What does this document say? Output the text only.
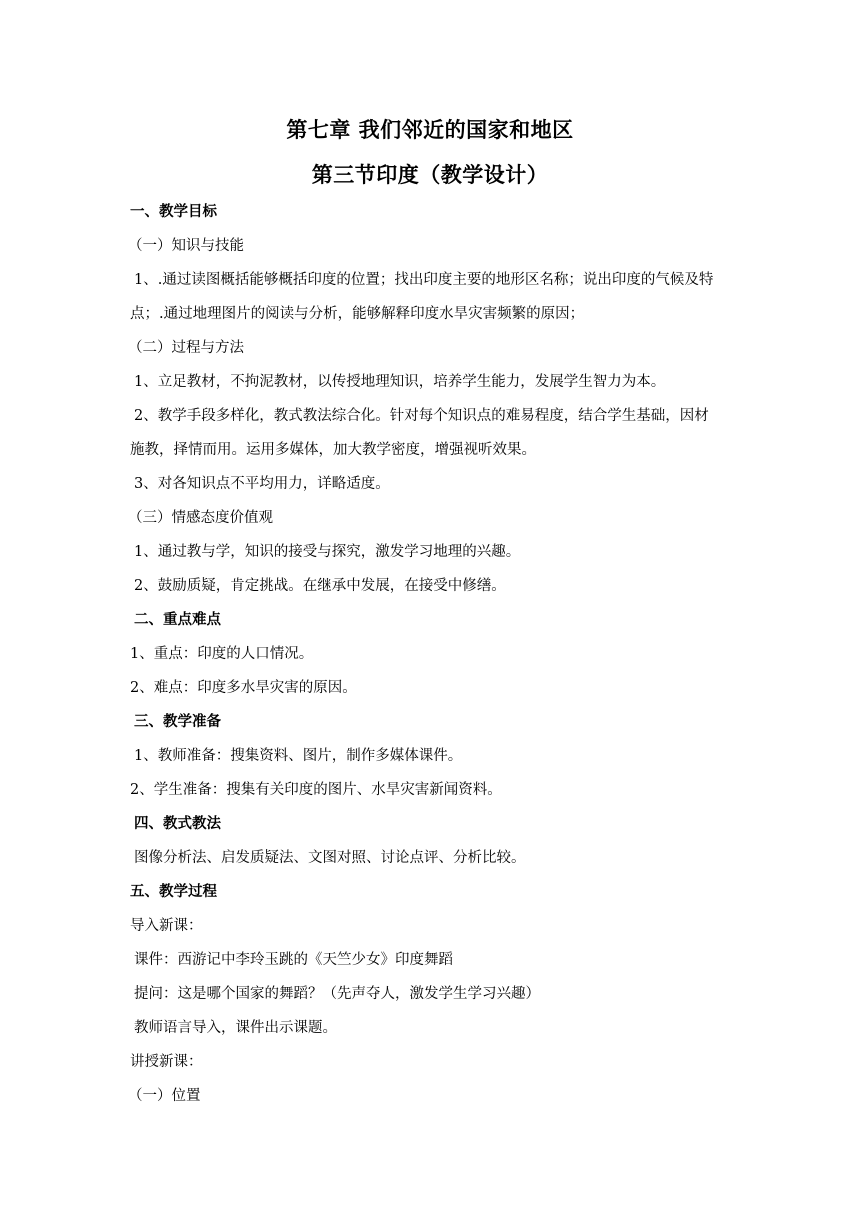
第七章 我们邻近的国家和地区
第三节印度（教学设计）
一、教学目标
（一）知识与技能
1、.通过读图概括能够概括印度的位置；找出印度主要的地形区名称；说出印度的气候及特
点；.通过地理图片的阅读与分析，能够解释印度水旱灾害频繁的原因；
（二）过程与方法
1、立足教材，不拘泥教材，以传授地理知识，培养学生能力，发展学生智力为本。
2、教学手段多样化，教式教法综合化。针对每个知识点的难易程度，结合学生基础，因材
施教，择情而用。运用多媒体，加大教学密度，增强视听效果。
3、对各知识点不平均用力，详略适度。
（三）情感态度价值观
1、通过教与学，知识的接受与探究，激发学习地理的兴趣。
2、鼓励质疑，肯定挑战。在继承中发展，在接受中修缮。
二、重点难点
1、重点：印度的人口情况。
2、难点：印度多水旱灾害的原因。
三、教学准备
1、教师准备：搜集资料、图片，制作多媒体课件。
2、学生准备：搜集有关印度的图片、水旱灾害新闻资料。
四、教式教法
图像分析法、启发质疑法、文图对照、讨论点评、分析比较。
五、教学过程
导入新课：
课件：西游记中李玲玉跳的《天竺少女》印度舞蹈
提问：这是哪个国家的舞蹈？（先声夺人，激发学生学习兴趣）
教师语言导入，课件出示课题。
讲授新课：
（一）位置
